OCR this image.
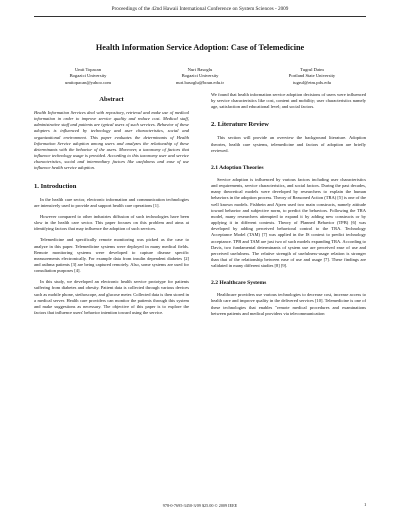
Proceedings of the 42nd Hawaii International Conference on System Sciences - 2009
Health Information Service Adoption: Case of Telemedicine
Umit Topacan
Bogazici University
umitopacan@yahoo.com
Nuri Basoglu
Bogazici University
nuri.basoglu@boun.edu.tr
Tugrul Daim
Portland State University
tugrul@etm.pdx.edu
Abstract

Health Information Services deal with repository, retrieval and make use of medical information in order to improve service quality and reduce cost. Medical staff, administrative staff and patients are typical users of such services. Behavior of these adopters is influenced by technology and user characteristics, social and organizational environment. This paper evaluates the determinants of Health Information Service adoption among users and analyzes the relationship of these determinants with the behavior of the users. Moreover, a taxonomy of factors that influence technology usage is provided. According to this taxonomy user and service characteristics, social and intermediary factors like usefulness and ease of use influence health service adoption.

1. Introduction

In the health care sector, electronic information and communication technologies are intensively used to provide and support health care operations [1].

However compared to other industries diffusion of such technologies have been slow in the health care sector. This paper focuses on this problem and aims at identifying factors that may influence the adoption of such services.

Telemedicine and specifically remote monitoring was picked as the case to analyze in this paper. Telemedicine systems were deployed in many medical fields. Remote monitoring systems were developed to capture disease specific measurements electronically. For example data from insulin dependent diabetes [2] and asthma patients [3] are being captured remotely. Also, some systems are used for consultation purposes [4].

In this study, we developed an electronic health service prototype for patients suffering from diabetes and obesity. Patient data is collected through various devices such as mobile phone, stethoscope, and glucose meter. Collected data is then stored in a medical server. Health care providers can monitor the patients through this system and make suggestions as necessary. The objective of this paper is to explore the factors that influence users' behavior intention toward using the service.

We found that health information service adoption decisions of users were influenced by service characteristics like cost, content and mobility; user characteristics namely age, satisfaction and educational level; and social factors.

2. Literature Review

This section will provide an overview the background literature. Adoption theories, health care systems, telemedicine and factors of adoption are briefly reviewed.

2.1 Adoption Theories

Service adoption is influenced by various factors including user characteristics and requirements, service characteristics, and social factors. During the past decades, many theoretical models were developed by researchers to explain the human behaviors in the adoption process. Theory of Reasoned Action (TRA) [5] is one of the well known models. Fishbein and Ajzen used two main constructs, namely attitude toward behavior and subjective norm, to predict the behaviors. Following the TRA model, many researchers attempted to expand it by adding new constructs or by applying it in different contexts. Theory of Planned Behavior (TPB) [6] was developed by adding perceived behavioral control to the TRA. Technology Acceptance Model (TAM) [7] was applied in the IS context to predict technology acceptance. TPB and TAM are just two of such models expanding TRA. According to Davis, two fundamental determinants of system use are perceived ease of use and perceived usefulness. The relative strength of usefulness-usage relation is stronger than that of the relationship between ease of use and usage [7]. These findings are validated in many different studies [8] [9].

2.2 Healthcare Systems

Healthcare providers use various technologies to decrease cost, increase access to health care and improve quality in the delivered services [10]. Telemedicine is one of these technologies that enables "remote medical procedures and examinations between patients and medical providers via telecommunication

978-0-7695-3450-3/09 $25.00 © 2009 IEEE	1
